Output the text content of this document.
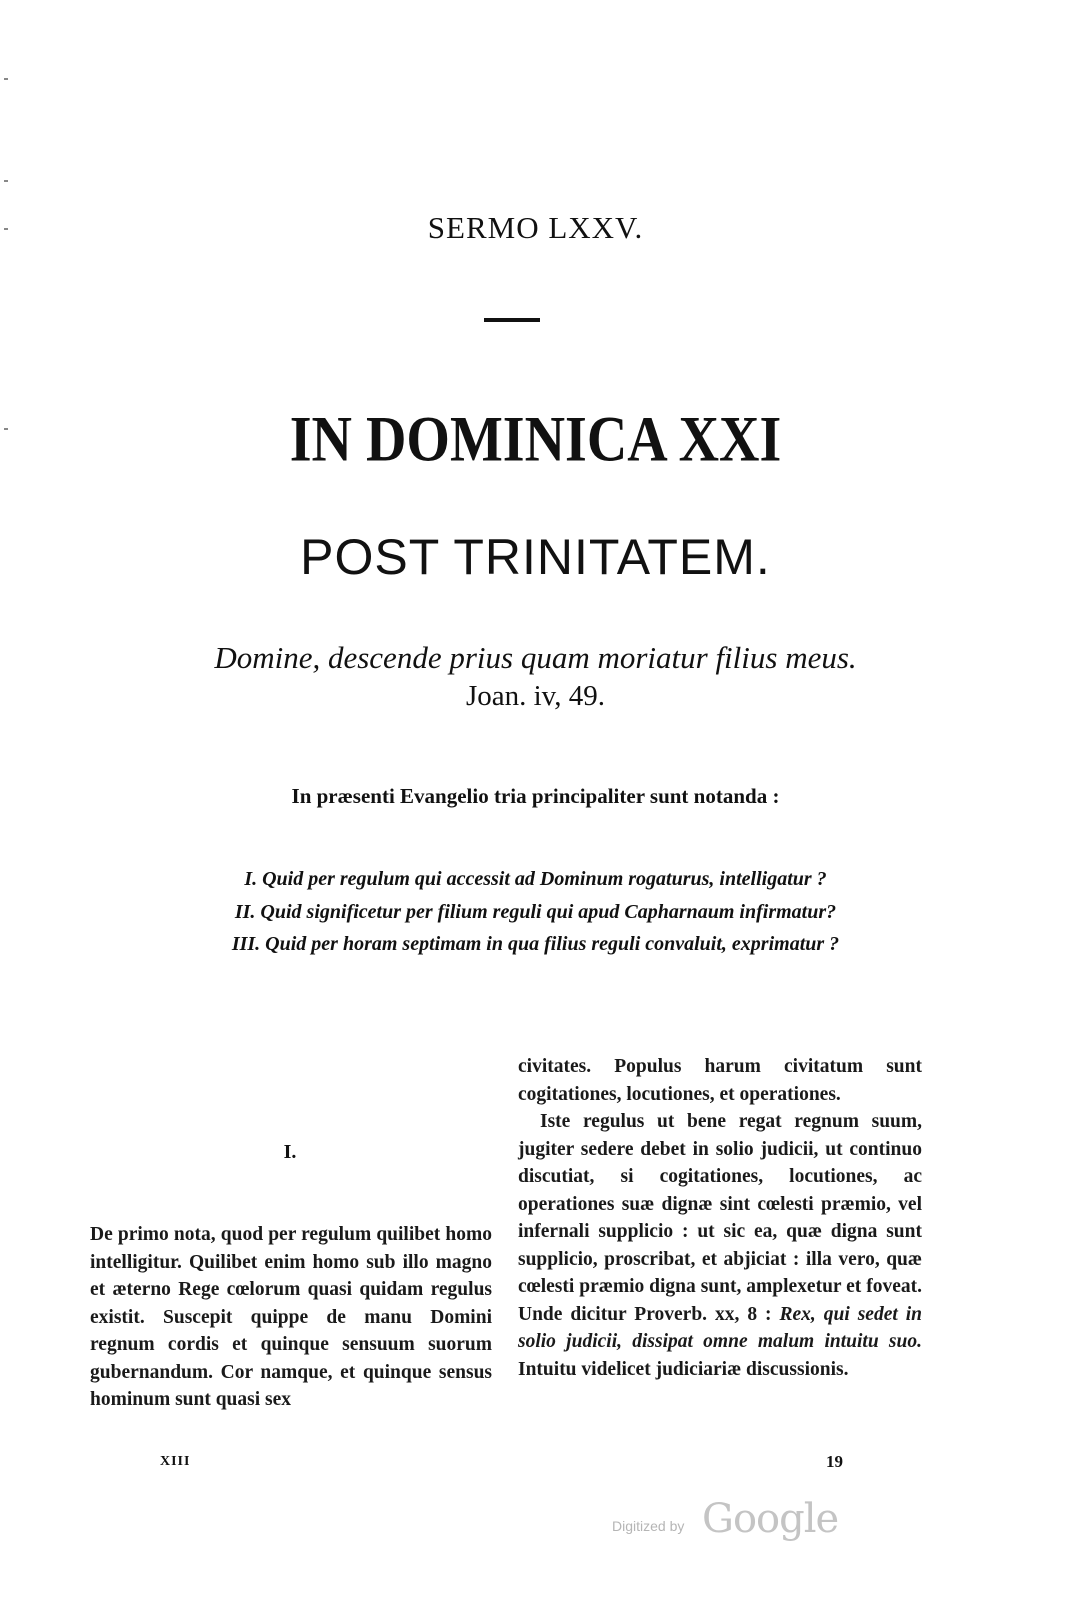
SERMO LXXV.
IN DOMINICA XXI
POST TRINITATEM.
Domine, descende prius quam moriatur filius meus.
Joan. iv, 49.
In præsenti Evangelio tria principaliter sunt notanda :
I. Quid per regulum qui accessit ad Dominum rogaturus, intelligatur ?
II. Quid significetur per filium reguli qui apud Capharnaum infirmatur?
III. Quid per horam septimam in qua filius reguli convaluit, exprimatur ?
I.

De primo nota, quod per regulum quilibet homo intelligitur. Quilibet enim homo sub illo magno et æterno Rege cœlorum quasi quidam regulus existit. Suscepit quippe de manu Domini regnum cordis et quinque sensuum suorum gubernandum. Cor namque, et quinque sensus hominum sunt quasi sex

civitates. Populus harum civitatum sunt cogitationes, locutiones, et operationes.

Iste regulus ut bene regat regnum suum, jugiter sedere debet in solio judicii, ut continuo discutiat, si cogitationes, locutiones, ac operationes suæ dignæ sint cœlesti præmio, vel infernali supplicio : ut sic ea, quæ digna sunt supplicio, proscribat, et abjiciat : illa vero, quæ cœlesti præmio digna sunt, amplexetur et foveat. Unde dicitur Proverb. xx, 8 : Rex, qui sedet in solio judicii, dissipat omne malum intuitu suo. Intuitu videlicet judiciariæ discussionis.

XIII	19
Digitized by Google
